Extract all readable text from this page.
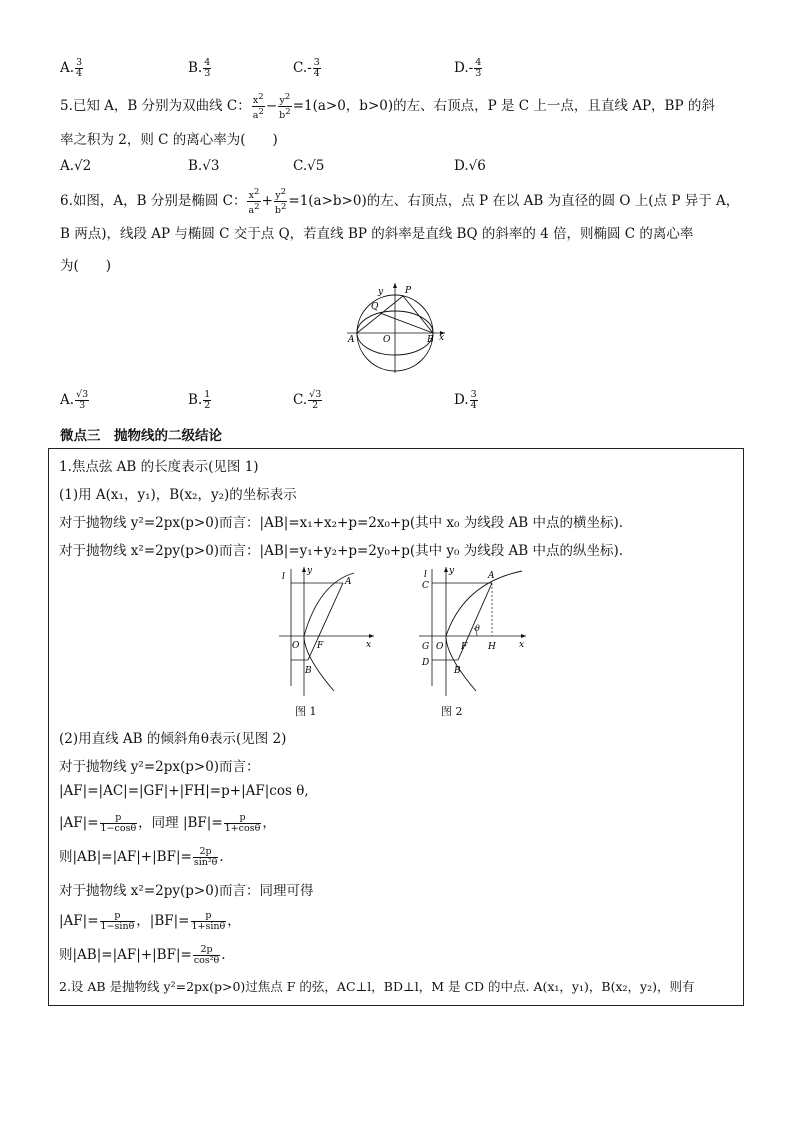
A. $\frac{3}{4}$	B. $\frac{4}{3}$	$C.- \frac{3}{4}$	$D.- \frac{4}{3}$
5.已知 A，B 分别为双曲线 C： $\frac{x^2}{a^2} - \frac{y^2}{b^2} =1(a>0$，b>0)的左、右顶点，P 是 C 上一点，且直线 AP，BP 的斜
率之积为 2，则 C 的离心率为(　　)
A.√2	B.√3	C.√5	D.√6
6.如图，A，B 分别是椭圆 C： $\frac{x^2}{a^2} + \frac{y^2}{b^2} =1(a>b>0)$的左、右顶点，点 P 在以 AB 为直径的圆 O 上(点 P 异于 A，
B 两点)，线段 AP 与椭圆 C 交于点 Q，若直线 BP 的斜率是直线 BQ 的斜率的 4 倍，则椭圆 C 的离心率
为(　　)
y P
Q
A	O	B x
A. $\frac{√3}{3}$	B. $\frac{1}{2}$	C. $\frac{√3}{2}$	D. $\frac{3}{4}$
微点三　抛物线的二级结论
1.焦点弦 AB 的长度表示(见图 1)
(1)用 A(x₁，y₁)，B(x₂，y₂)的坐标表示
对于抛物线 y²=2px(p>0)而言：|AB|=x₁+x₂+p=2x₀+p(其中 x₀ 为线段 AB 中点的横坐标).
对于抛物线 x²=2py(p>0)而言：|AB|=y₁+y₂+p=2y₀+p(其中 y₀ 为线段 AB 中点的纵坐标).
l
y
A
O F	x
B
图 1
l y
C
A
θ
G O F H	x
D
B
图 2
(2)用直线 AB 的倾斜角θ表示(见图 2)
对于抛物线 y²=2px(p>0)而言：
|AF|=|AC|=|GF|+|FH|=p+|AF|cos θ,
$|AF|= \frac{p}{1-\cos\theta}$ ，同理 $|BF|= \frac{p}{1+\cos\theta}$ ，
则$|AB|=|AF|+|BF|= \frac{2p}{\text{sin²θ}}$ .
对于抛物线 x²=2py(p>0)而言：同理可得
$|AF|= \frac{p}{1-\sin\theta}$ ，$|BF|= \frac{p}{1+\sin\theta}$ ，
则$|AB|=|AF|+|BF|= \frac{2p}{\text{cos²θ}}$ .
2.设 AB 是抛物线 y²=2px(p>0)过焦点 F 的弦，AC⊥l，BD⊥l，M 是 CD 的中点. A(x₁，y₁)，B(x₂，y₂)，则有
